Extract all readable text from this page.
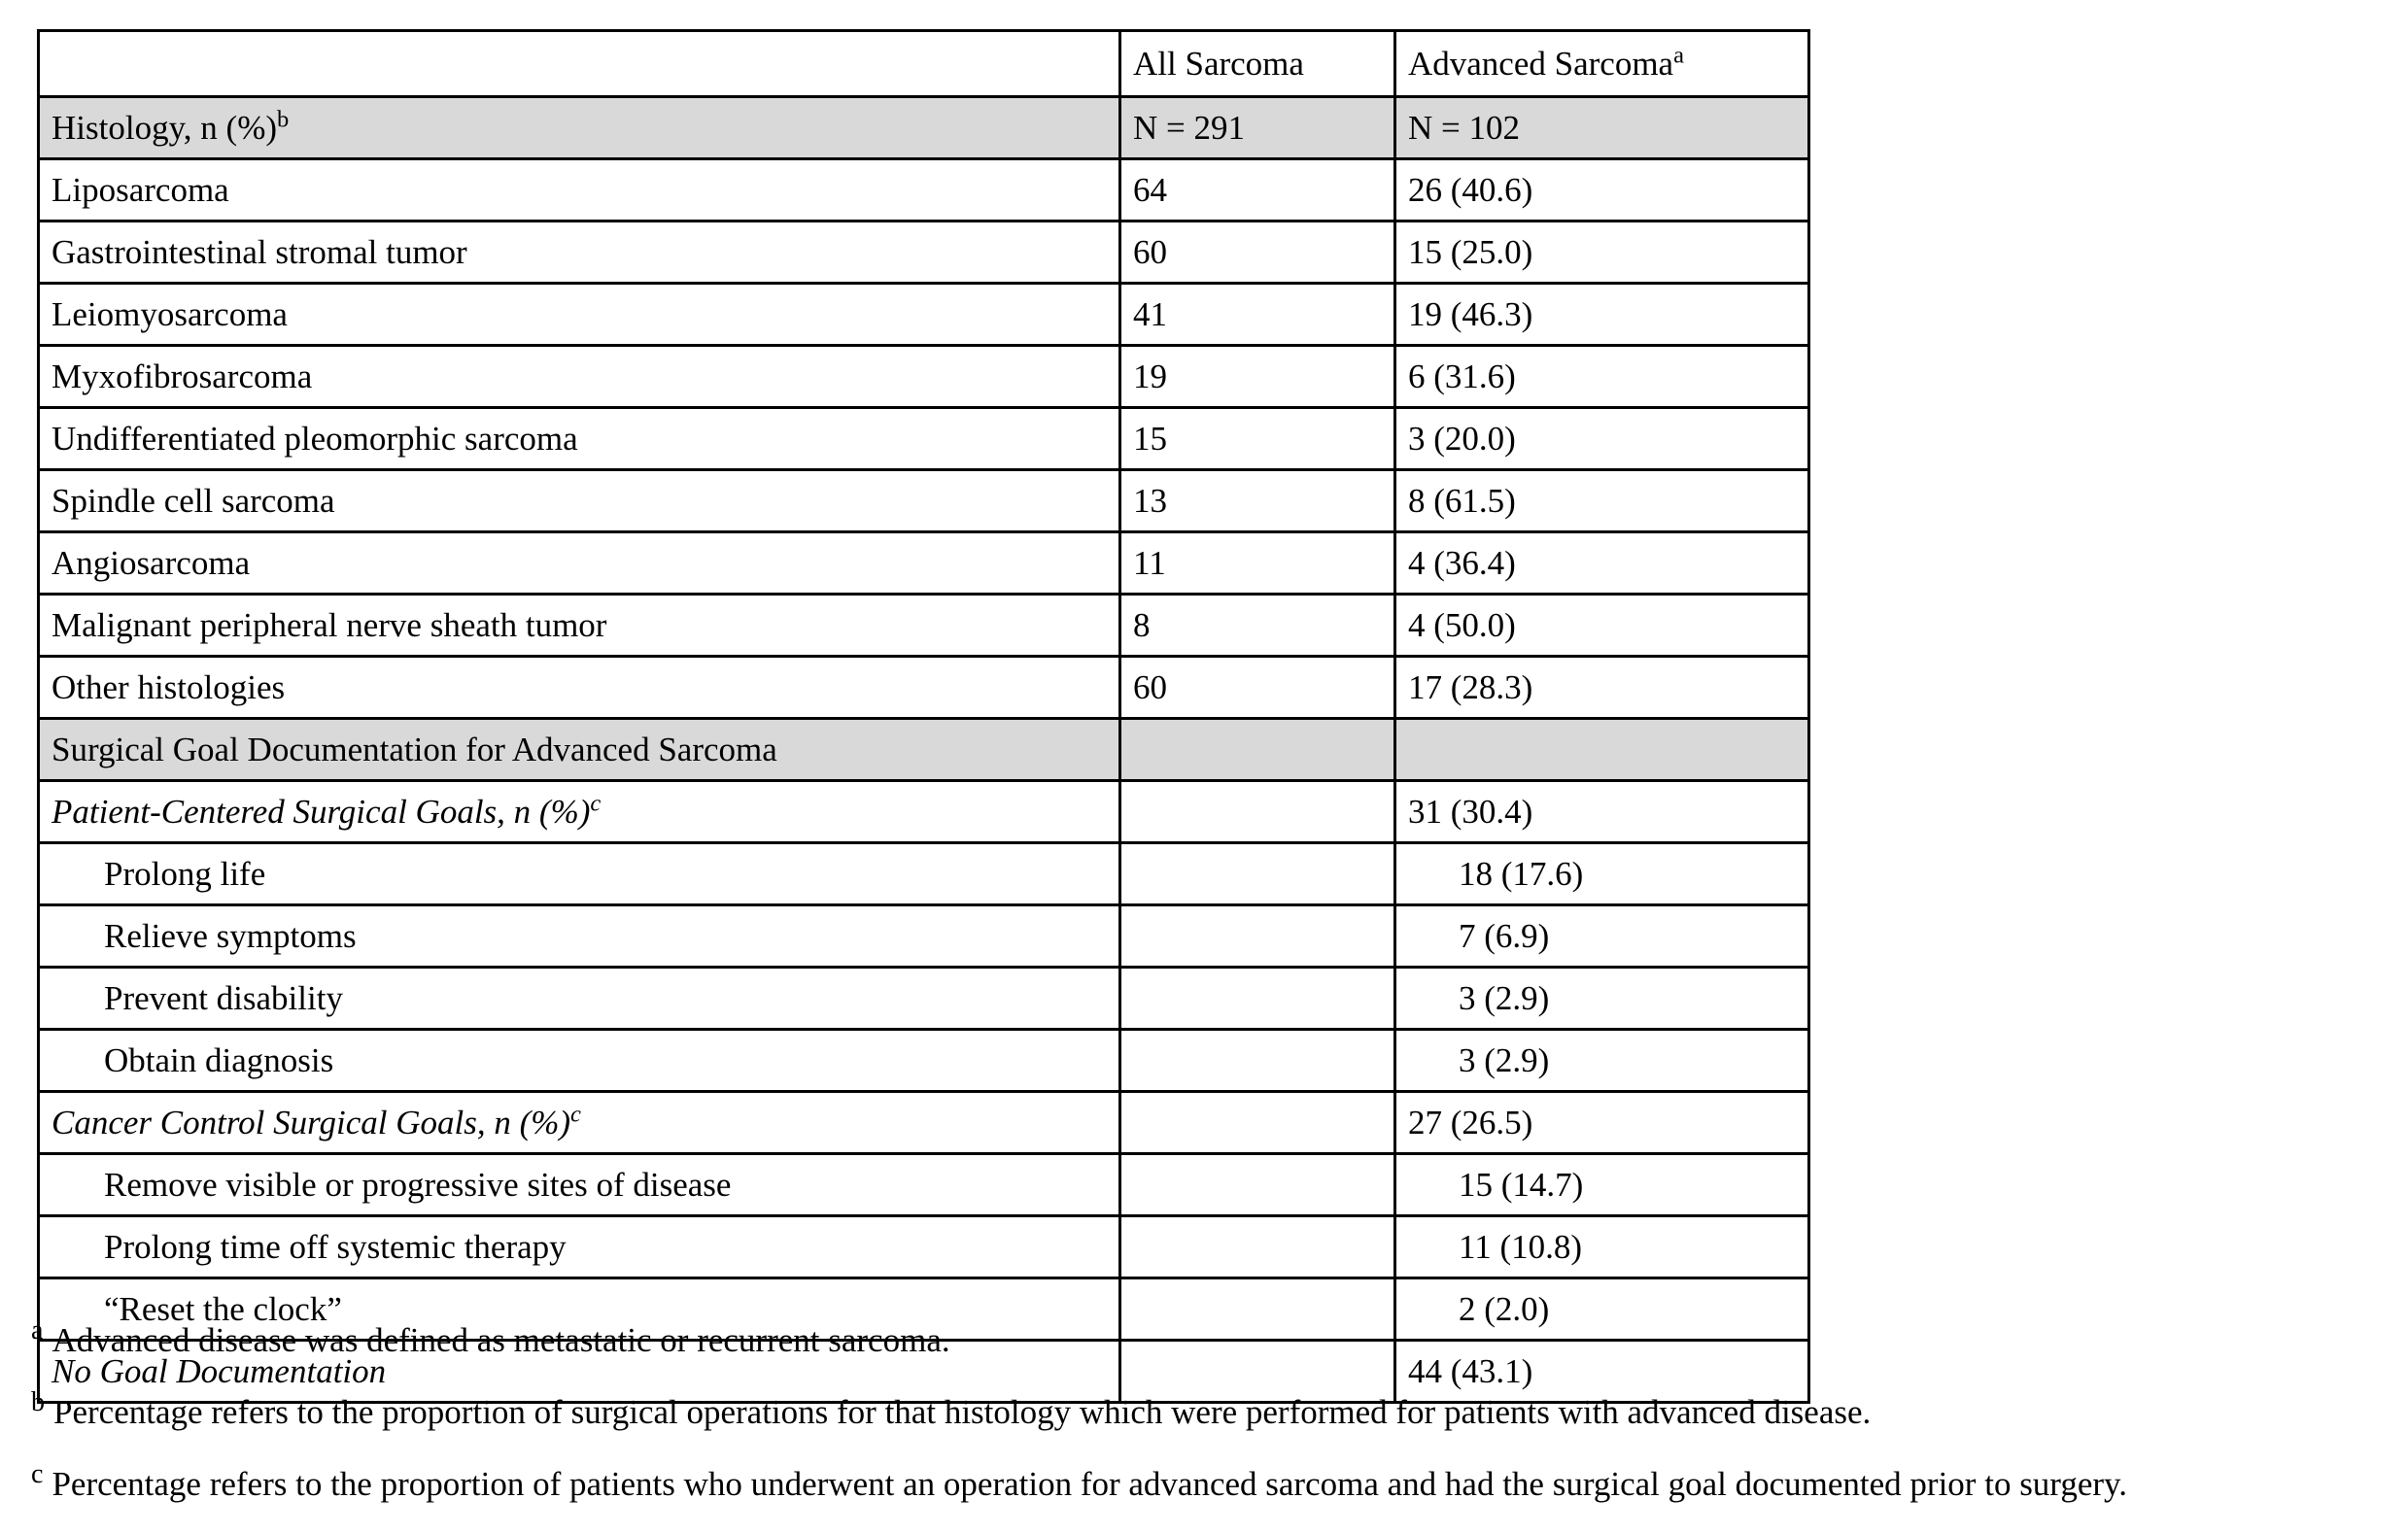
	All Sarcoma	Advanced Sarcoma$^a$
Histology, n (%)$^b$	N = 291	N = 102
Liposarcoma	64	26 (40.6)
Gastrointestinal stromal tumor	60	15 (25.0)
Leiomyosarcoma	41	19 (46.3)
Myxofibrosarcoma	19	6 (31.6)
Undifferentiated pleomorphic sarcoma	15	3 (20.0)
Spindle cell sarcoma	13	8 (61.5)
Angiosarcoma	11	4 (36.4)
Malignant peripheral nerve sheath tumor	8	4 (50.0)
Other histologies	60	17 (28.3)
Surgical Goal Documentation for Advanced Sarcoma		
Patient-Centered Surgical Goals, n (%)$^c$		31 (30.4)
Prolong life		18 (17.6)
Relieve symptoms		7 (6.9)
Prevent disability		3 (2.9)
Obtain diagnosis		3 (2.9)
Cancer Control Surgical Goals, n (%)$^c$		27 (26.5)
Remove visible or progressive sites of disease		15 (14.7)
Prolong time off systemic therapy		11 (10.8)
“Reset the clock”		2 (2.0)
No Goal Documentation		44 (43.1)
$^a$ Advanced disease was defined as metastatic or recurrent sarcoma.
$^b$ Percentage refers to the proportion of surgical operations for that histology which were performed for patients with advanced disease.
$^c$ Percentage refers to the proportion of patients who underwent an operation for advanced sarcoma and had the surgical goal documented prior to surgery.
